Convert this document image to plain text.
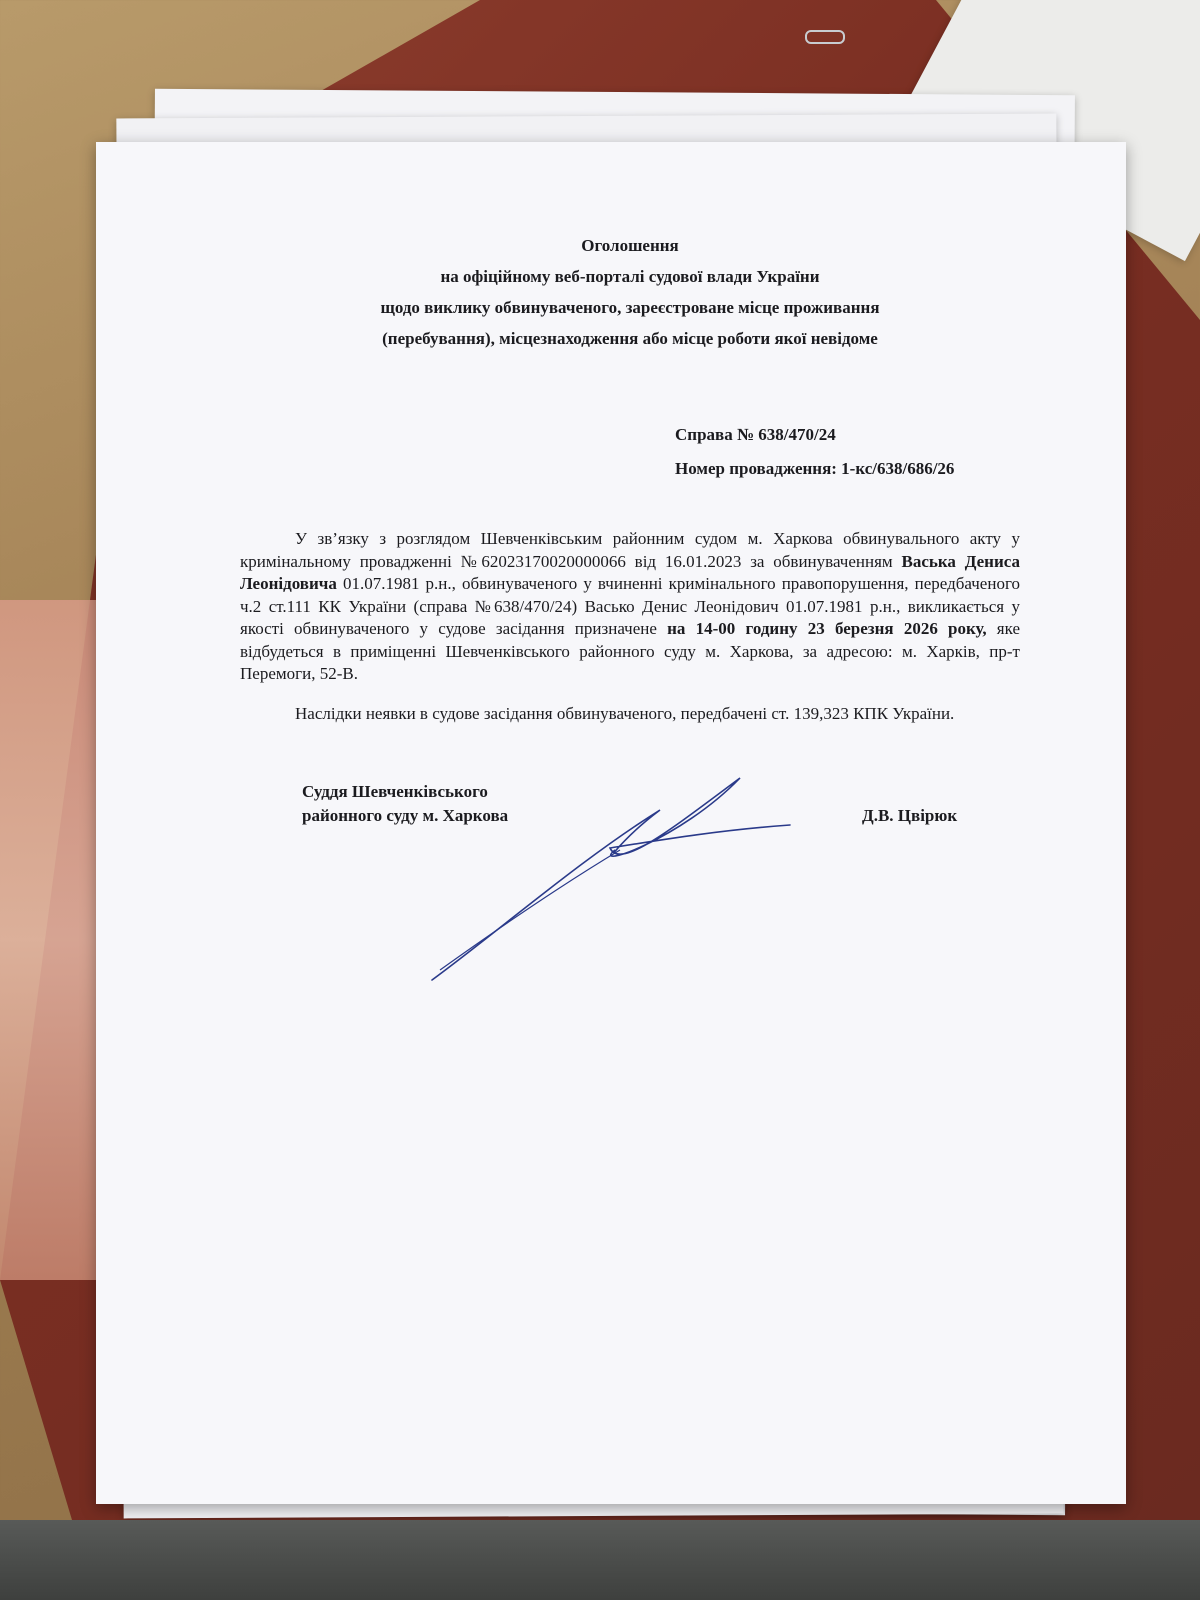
Оголошення
на офіційному веб-порталі судової влади України
щодо виклику обвинуваченого, зареєстроване місце проживання
(перебування), місцезнаходження або місце роботи якої невідоме
Справа № 638/470/24
Номер провадження: 1-кс/638/686/26

У зв’язку з розглядом Шевченківським районним судом м. Харкова обвинувального акту у кримінальному провадженні №62023170020000066 від 16.01.2023 за обвинуваченням Васька Дениса Леонідовича 01.07.1981 р.н., обвинуваченого у вчиненні кримінального правопорушення, передбаченого ч.2 ст.111 КК України (справа №638/470/24) Васько Денис Леонідович 01.07.1981 р.н., викликається у якості обвинуваченого у судове засідання призначене на 14-00 годину 23 березня 2026 року, яке відбудеться в приміщенні Шевченківського районного суду м. Харкова, за адресою: м. Харків, пр-т Перемоги, 52-В.

Наслідки неявки в судове засідання обвинуваченого, передбачені ст. 139,323 КПК України.

Суддя Шевченківського
районного суду м. Харкова	Д.В. Цвірюк
